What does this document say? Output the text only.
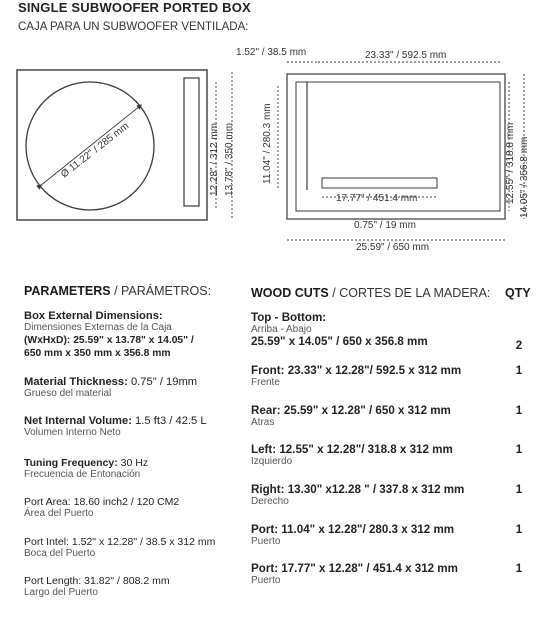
SINGLE SUBWOOFER PORTED BOX
CAJA PARA UN SUBWOOFER VENTILADA:
Ø 11.22" / 285 mm	12.28" / 312 mm 13.78" / 350 mm
1.52" / 38.5 mm	23.33" / 592.5 mm
11.04" / 280.3 mm	12.55" / 318.8 mm 14.05" / 356.8 mm
17.77" / 451.4 mm
0.75" / 19 mm
25.59" / 650 mm
PARAMETERS / PARÁMETROS:
Box External Dimensions:
Dimensiones Externas de la Caja
(WxHxD): 25.59" x 13.78" x 14.05" /
650 mm x 350 mm x 356.8 mm
Material Thickness: 0.75" / 19mm
Grueso del material
Net Internal Volume: 1.5 ft3 / 42.5 L
Volumen Interno Neto
Tuning Frequency: 30 Hz
Frecuencia de Entonación
Port Area: 18.60 inch2 / 120 CM2
Área del Puerto
Port Intel: 1.52" x 12.28" / 38.5 x 312 mm
Boca del Puerto
Port Length: 31.82" / 808.2 mm
Largo del Puerto
WOOD CUTS / CORTES DE LA MADERA: QTY
Top - Bottom:
Arriba - Abajo
25.59" x 14.05" / 650 x 356.8 mm	2
Front: 23.33" x 12.28"/ 592.5 x 312 mm
Frente
1
Rear: 25.59" x 12.28" / 650 x 312 mm
Atras
1
Left: 12.55" x 12.28"/ 318.8 x 312 mm
Izquierdo
1
Right: 13.30" x12.28 " / 337.8 x 312 mm
Derecho
1
Port: 11.04" x 12.28"/ 280.3 x 312 mm
Puerto
1
Port: 17.77" x 12.28" / 451.4 x 312 mm
Puerto
1
